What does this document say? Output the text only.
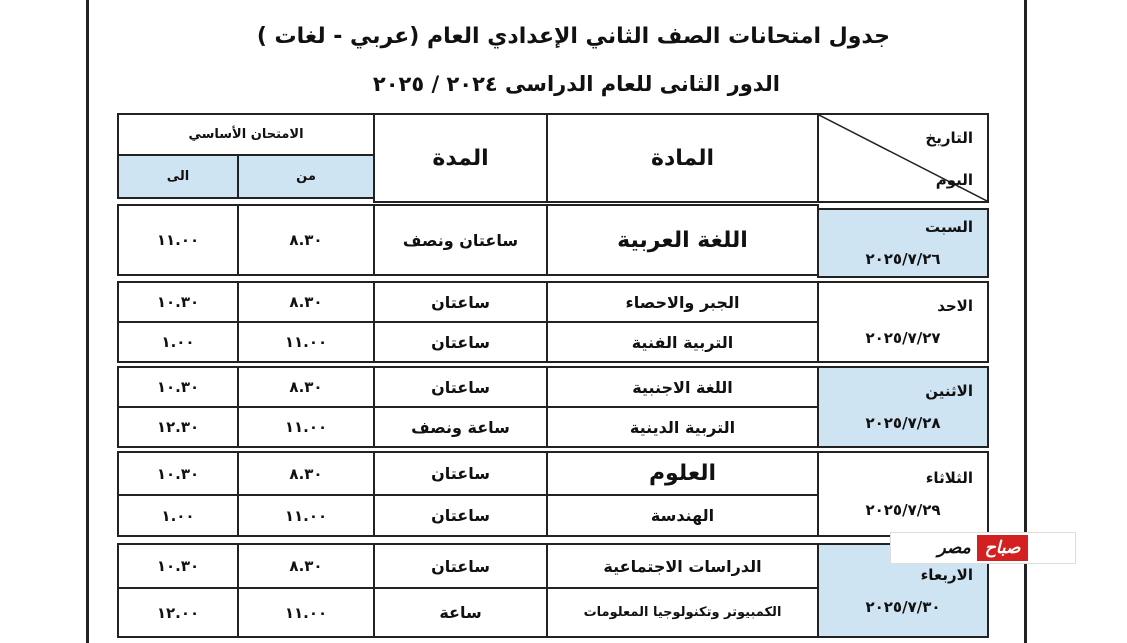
جدول امتحانات الصف الثاني الإعدادي العام (عربي - لغات )
الدور الثانى للعام الدراسى ٢٠٢٤ / ٢٠٢٥
التاريخ
اليوم
المادة
المدة
الامتحان الأساسي
من
الى
السبت
٢٠٢٥/٧/٢٦
الاحد
٢٠٢٥/٧/٢٧
الاثنين
٢٠٢٥/٧/٢٨
الثلاثاء
٢٠٢٥/٧/٢٩
الاربعاء
٢٠٢٥/٧/٣٠
اللغة العربية
ساعتان ونصف
٨.٣٠
١١.٠٠
الجبر والاحصاء
ساعتان
٨.٣٠
١٠.٣٠
التربية الفنية
ساعتان
١١.٠٠
١.٠٠
اللغة الاجنبية
ساعتان
٨.٣٠
١٠.٣٠
التربية الدينية
ساعة ونصف
١١.٠٠
١٢.٣٠
العلوم
ساعتان
٨.٣٠
١٠.٣٠
الهندسة
ساعتان
١١.٠٠
١.٠٠
الدراسات الاجتماعية
ساعتان
٨.٣٠
١٠.٣٠
الكمبيوتر وتكنولوجيا المعلومات
ساعة
١١.٠٠
١٢.٠٠
صباح
مصر
